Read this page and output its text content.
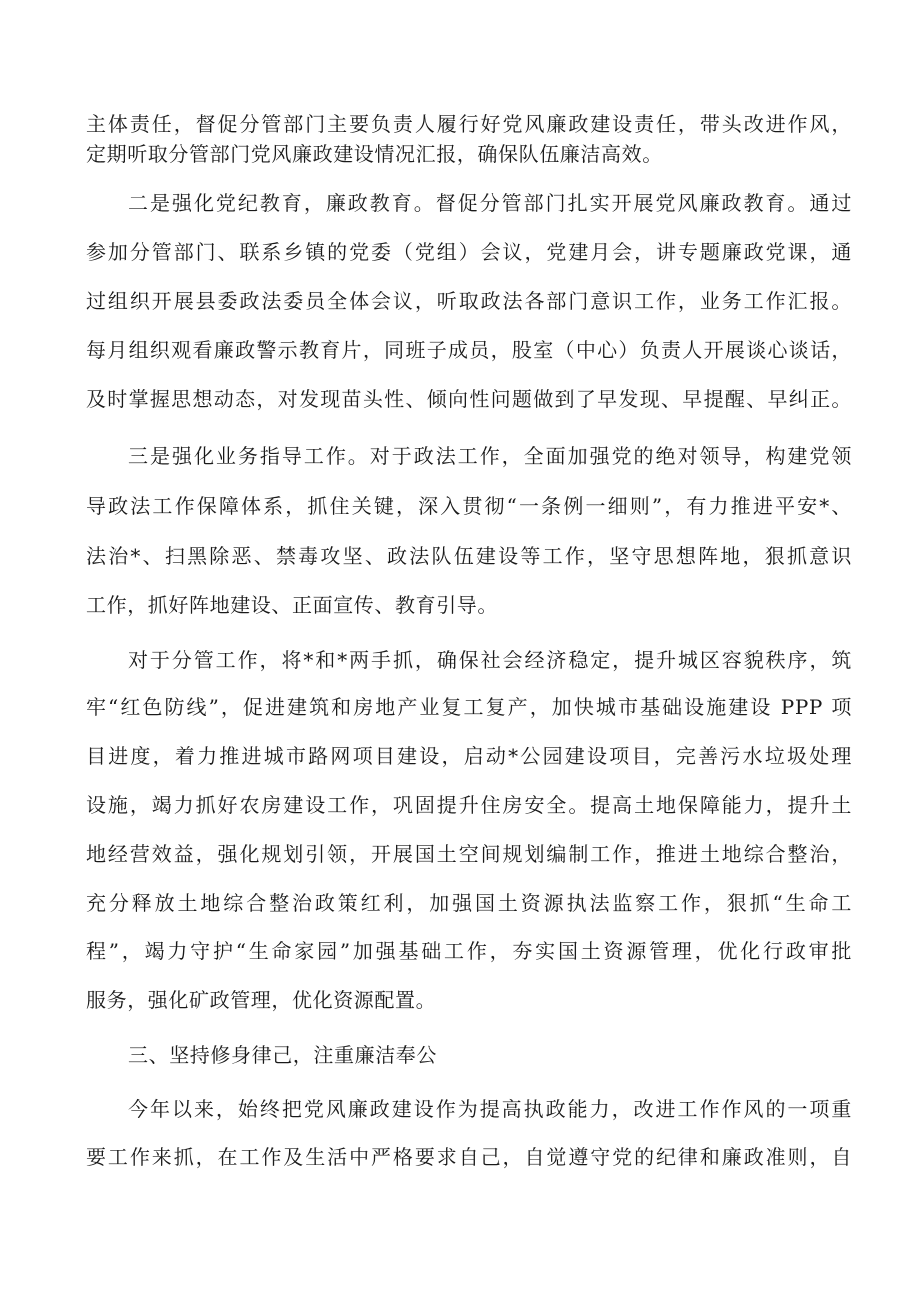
主体责任，督促分管部门主要负责人履行好党风廉政建设责任，带头改进作风，
定期听取分管部门党风廉政建设情况汇报，确保队伍廉洁高效。
二是强化党纪教育，廉政教育。督促分管部门扎实开展党风廉政教育。通过
参加分管部门、联系乡镇的党委（党组）会议，党建月会，讲专题廉政党课，通
过组织开展县委政法委员全体会议，听取政法各部门意识工作，业务工作汇报。
每月组织观看廉政警示教育片，同班子成员，股室（中心）负责人开展谈心谈话，
及时掌握思想动态，对发现苗头性、倾向性问题做到了早发现、早提醒、早纠正。
三是强化业务指导工作。对于政法工作，全面加强党的绝对领导，构建党领
导政法工作保障体系，抓住关键，深入贯彻“一条例一细则”，有力推进平安*、
法治*、扫黑除恶、禁毒攻坚、政法队伍建设等工作，坚守思想阵地，狠抓意识
工作，抓好阵地建设、正面宣传、教育引导。
对于分管工作，将*和*两手抓，确保社会经济稳定，提升城区容貌秩序，筑
牢“红色防线”，促进建筑和房地产业复工复产，加快城市基础设施建设 PPP 项
目进度，着力推进城市路网项目建设，启动*公园建设项目，完善污水垃圾处理
设施，竭力抓好农房建设工作，巩固提升住房安全。提高土地保障能力，提升土
地经营效益，强化规划引领，开展国土空间规划编制工作，推进土地综合整治，
充分释放土地综合整治政策红利，加强国土资源执法监察工作，狠抓“生命工
程”，竭力守护“生命家园”加强基础工作，夯实国土资源管理，优化行政审批
服务，强化矿政管理，优化资源配置。
三、坚持修身律己，注重廉洁奉公
今年以来，始终把党风廉政建设作为提高执政能力，改进工作作风的一项重
要工作来抓，在工作及生活中严格要求自己，自觉遵守党的纪律和廉政准则，自
